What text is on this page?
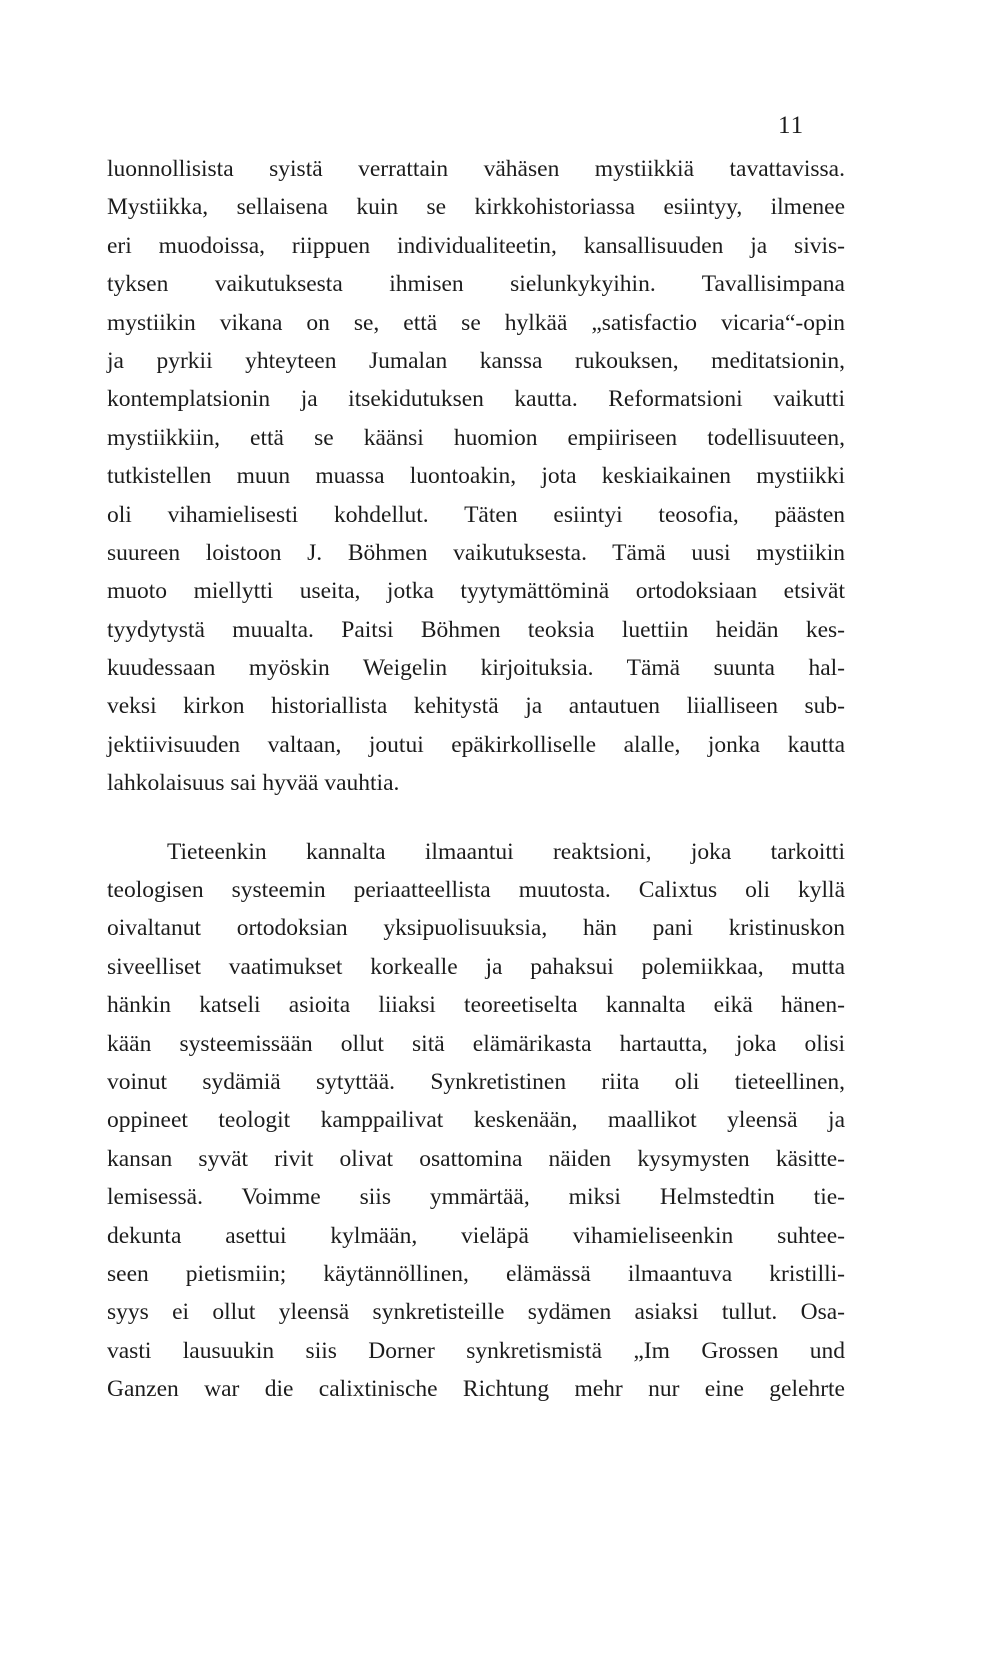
11
luonnollisista syistä verrattain vähäsen mystiikkiä tavattavissa.
Mystiikka, sellaisena kuin se kirkkohistoriassa esiintyy, ilmenee
eri muodoissa, riippuen individualiteetin, kansallisuuden ja sivis-
tyksen vaikutuksesta ihmisen sielunkykyihin. Tavallisimpana
mystiikin vikana on se, että se hylkää „satisfactio vicaria“-opin
ja pyrkii yhteyteen Jumalan kanssa rukouksen, meditatsionin,
kontemplatsionin ja itsekidutuksen kautta. Reformatsioni vaikutti
mystiikkiin, että se käänsi huomion empiiriseen todellisuuteen,
tutkistellen muun muassa luontoakin, jota keskiaikainen mystiikki
oli vihamielisesti kohdellut. Täten esiintyi teosofia, päästen
suureen loistoon J. Böhmen vaikutuksesta. Tämä uusi mystiikin
muoto miellytti useita, jotka tyytymättöminä ortodoksiaan etsivät
tyydytystä muualta. Paitsi Böhmen teoksia luettiin heidän kes-
kuudessaan myöskin Weigelin kirjoituksia. Tämä suunta hal-
veksi kirkon historiallista kehitystä ja antautuen liialliseen sub-
jektiivisuuden valtaan, joutui epäkirkolliselle alalle, jonka kautta
lahkolaisuus sai hyvää vauhtia.
Tieteenkin kannalta ilmaantui reaktsioni, joka tarkoitti
teologisen systeemin periaatteellista muutosta. Calixtus oli kyllä
oivaltanut ortodoksian yksipuolisuuksia, hän pani kristinuskon
siveelliset vaatimukset korkealle ja pahaksui polemiikkaa, mutta
hänkin katseli asioita liiaksi teoreetiselta kannalta eikä hänen-
kään systeemissään ollut sitä elämärikasta hartautta, joka olisi
voinut sydämiä sytyttää. Synkretistinen riita oli tieteellinen,
oppineet teologit kamppailivat keskenään, maallikot yleensä ja
kansan syvät rivit olivat osattomina näiden kysymysten käsitte-
lemisessä. Voimme siis ymmärtää, miksi Helmstedtin tie-
dekunta asettui kylmään, vieläpä vihamieliseenkin suhtee-
seen pietismiin; käytännöllinen, elämässä ilmaantuva kristilli-
syys ei ollut yleensä synkretisteille sydämen asiaksi tullut. Osa-
vasti lausuukin siis Dorner synkretismistä „Im Grossen und
Ganzen war die calixtinische Richtung mehr nur eine gelehrte
